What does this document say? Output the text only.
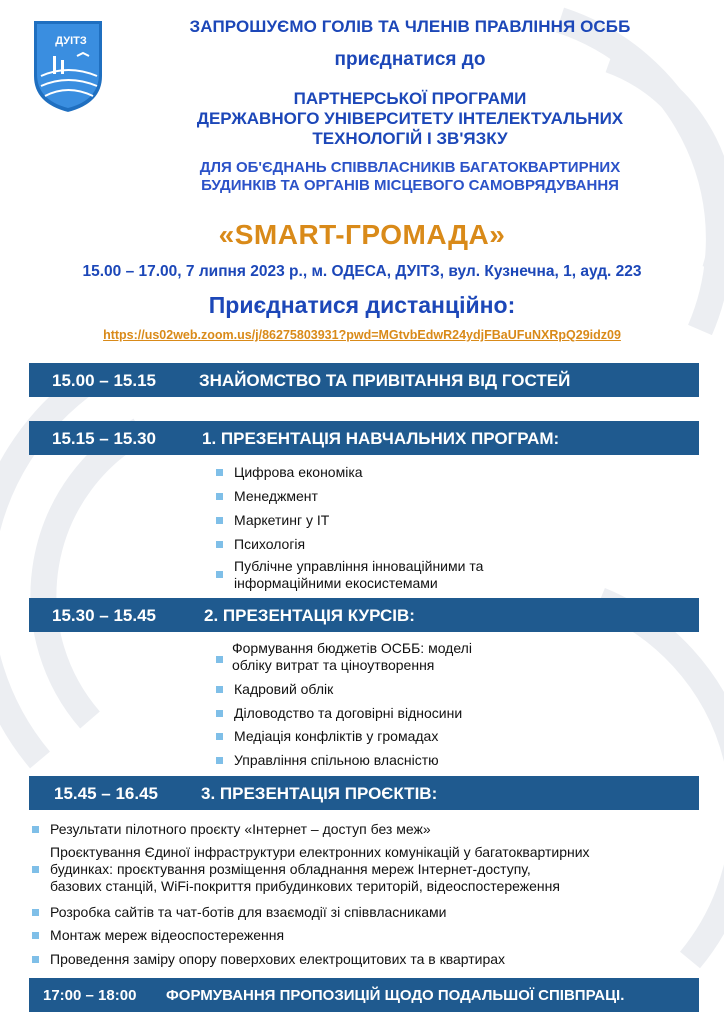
ДУІТЗ
ЗАПРОШУЄМО ГОЛІВ ТА ЧЛЕНІВ ПРАВЛІННЯ ОСББ
приєднатися до
ПАРТНЕРСЬКОЇ ПРОГРАМИ
ДЕРЖАВНОГО УНІВЕРСИТЕТУ ІНТЕЛЕКТУАЛЬНИХ
ТЕХНОЛОГІЙ І ЗВ'ЯЗКУ
ДЛЯ ОБ'ЄДНАНЬ СПІВВЛАСНИКІВ БАГАТОКВАРТИРНИХ
БУДИНКІВ ТА ОРГАНІВ МІСЦЕВОГО САМОВРЯДУВАННЯ
«SMART-ГРОМАДА»
15.00 – 17.00, 7 липня 2023 р., м. ОДЕСА, ДУІТЗ, вул. Кузнечна, 1, ауд. 223
Приєднатися дистанційно:
https://us02web.zoom.us/j/86275803931?pwd=MGtvbEdwR24ydjFBaUFuNXRpQ29idz09
15.00 – 15.15	ЗНАЙОМСТВО ТА ПРИВІТАННЯ ВІД ГОСТЕЙ
15.15 – 15.30	1. ПРЕЗЕНТАЦІЯ НАВЧАЛЬНИХ ПРОГРАМ:
Цифрова економіка
Менеджмент
Маркетинг у ІТ
Психологія
Публічне управління інноваційними та
інформаційними екосистемами
15.30 – 15.45	2. ПРЕЗЕНТАЦІЯ КУРСІВ:
Формування бюджетів ОСББ: моделі
обліку витрат та ціноутворення
Кадровий облік
Діловодство та договірні відносини
Медіація конфліктів у громадах
Управління спільною власністю
15.45 – 16.45	3. ПРЕЗЕНТАЦІЯ ПРОЄКТІВ:
Результати пілотного проєкту «Інтернет – доступ без меж»
Проєктування Єдиної інфраструктури електронних комунікацій у багатоквартирних
будинках: проєктування розміщення обладнання мереж Інтернет-доступу,
базових станцій, WiFi-покриття прибудинкових територій, відеоспостереження
Розробка сайтів та чат-ботів для взаємодії зі співвласниками
Монтаж мереж відеоспостереження
Проведення заміру опору поверхових електрощитових та в квартирах
17:00 – 18:00 ФОРМУВАННЯ ПРОПОЗИЦІЙ ЩОДО ПОДАЛЬШОЇ СПІВПРАЦІ.
